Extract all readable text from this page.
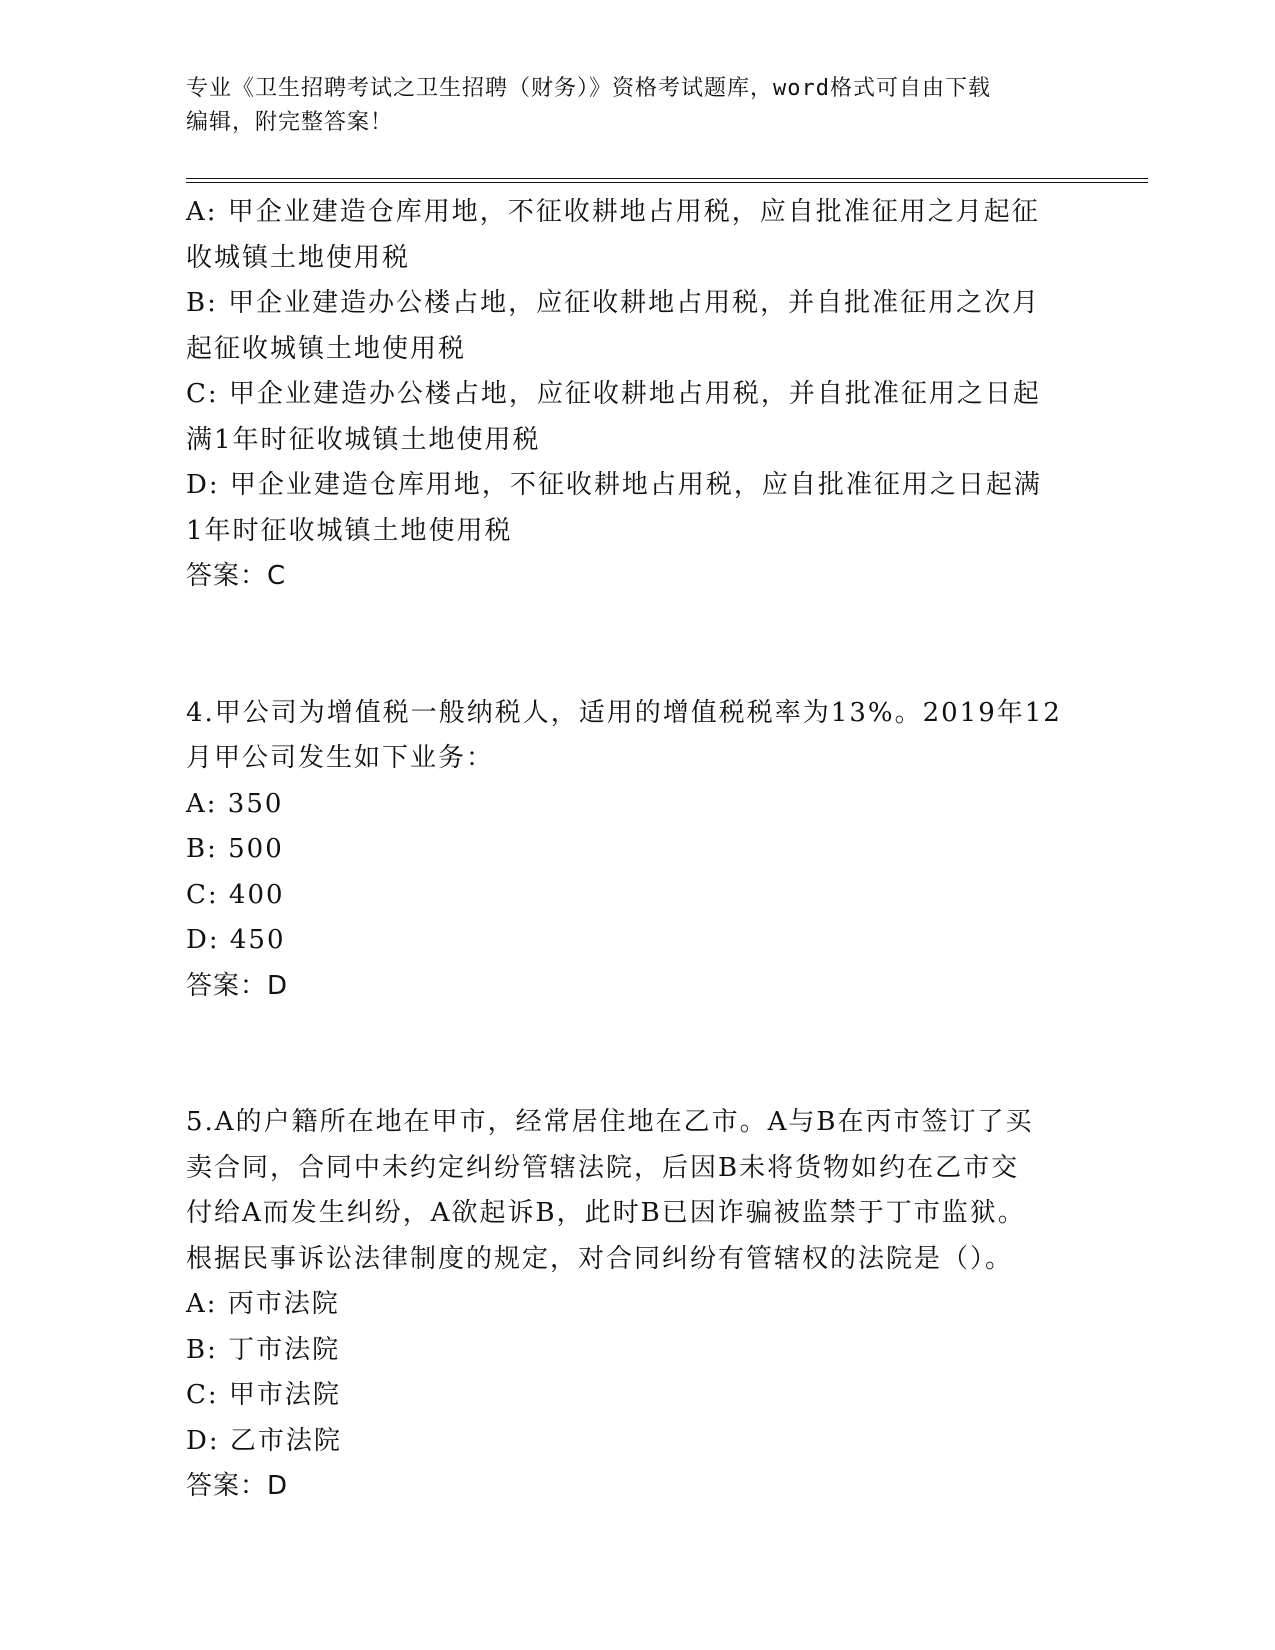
专业《卫生招聘考试之卫生招聘（财务）》资格考试题库，word格式可自由下载
编辑，附完整答案！
A: 甲企业建造仓库用地，不征收耕地占用税，应自批准征用之月起征
收城镇土地使用税
B: 甲企业建造办公楼占地，应征收耕地占用税，并自批准征用之次月
起征收城镇土地使用税
C: 甲企业建造办公楼占地，应征收耕地占用税，并自批准征用之日起
满1年时征收城镇土地使用税
D: 甲企业建造仓库用地，不征收耕地占用税，应自批准征用之日起满
1年时征收城镇土地使用税
答案：C
4.甲公司为增值税一般纳税人，适用的增值税税率为13%。2019年12
月甲公司发生如下业务：
A: 350
B: 500
C: 400
D: 450
答案：D
5.A的户籍所在地在甲市，经常居住地在乙市。A与B在丙市签订了买
卖合同，合同中未约定纠纷管辖法院，后因B未将货物如约在乙市交
付给A而发生纠纷，A欲起诉B，此时B已因诈骗被监禁于丁市监狱。
根据民事诉讼法律制度的规定，对合同纠纷有管辖权的法院是（）。
A: 丙市法院
B: 丁市法院
C: 甲市法院
D: 乙市法院
答案：D
